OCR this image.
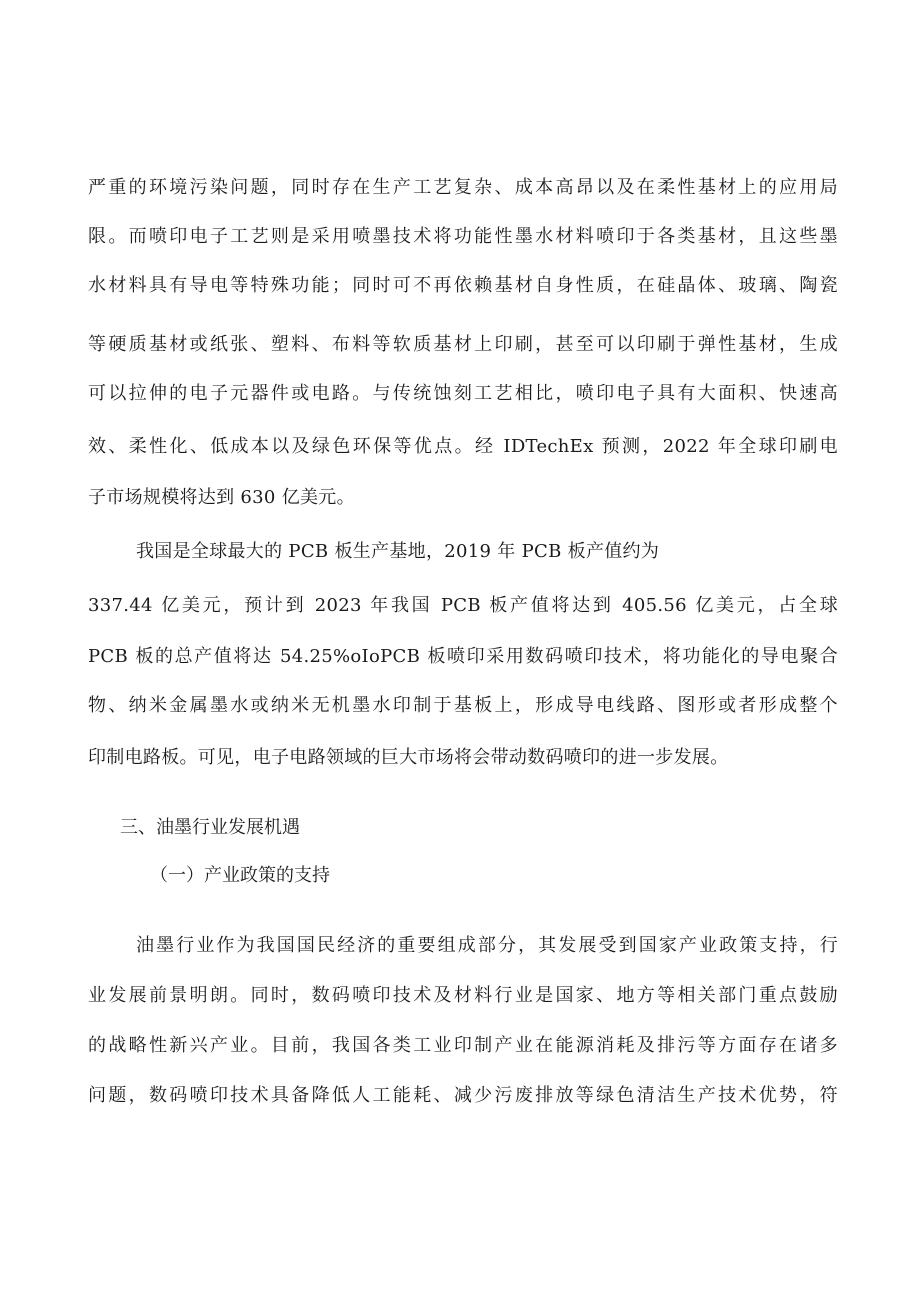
严重的环境污染问题，同时存在生产工艺复杂、成本高昂以及在柔性基材上的应用局
限。而喷印电子工艺则是采用喷墨技术将功能性墨水材料喷印于各类基材，且这些墨
水材料具有导电等特殊功能；同时可不再依赖基材自身性质，在硅晶体、玻璃、陶瓷
等硬质基材或纸张、塑料、布料等软质基材上印刷，甚至可以印刷于弹性基材，生成
可以拉伸的电子元器件或电路。与传统蚀刻工艺相比，喷印电子具有大面积、快速高
效、柔性化、低成本以及绿色环保等优点。经 IDTechEx 预测，2022 年全球印刷电
子市场规模将达到 630 亿美元。
我国是全球最大的 PCB 板生产基地，2019 年 PCB 板产值约为
337.44 亿美元，预计到 2023 年我国 PCB 板产值将达到 405.56 亿美元，占全球
PCB 板的总产值将达 54.25%oIoPCB 板喷印采用数码喷印技术，将功能化的导电聚合
物、纳米金属墨水或纳米无机墨水印制于基板上，形成导电线路、图形或者形成整个
印制电路板。可见，电子电路领域的巨大市场将会带动数码喷印的进一步发展。
三、油墨行业发展机遇
（一）产业政策的支持
油墨行业作为我国国民经济的重要组成部分，其发展受到国家产业政策支持，行
业发展前景明朗。同时，数码喷印技术及材料行业是国家、地方等相关部门重点鼓励
的战略性新兴产业。目前，我国各类工业印制产业在能源消耗及排污等方面存在诸多
问题，数码喷印技术具备降低人工能耗、减少污废排放等绿色清洁生产技术优势，符
